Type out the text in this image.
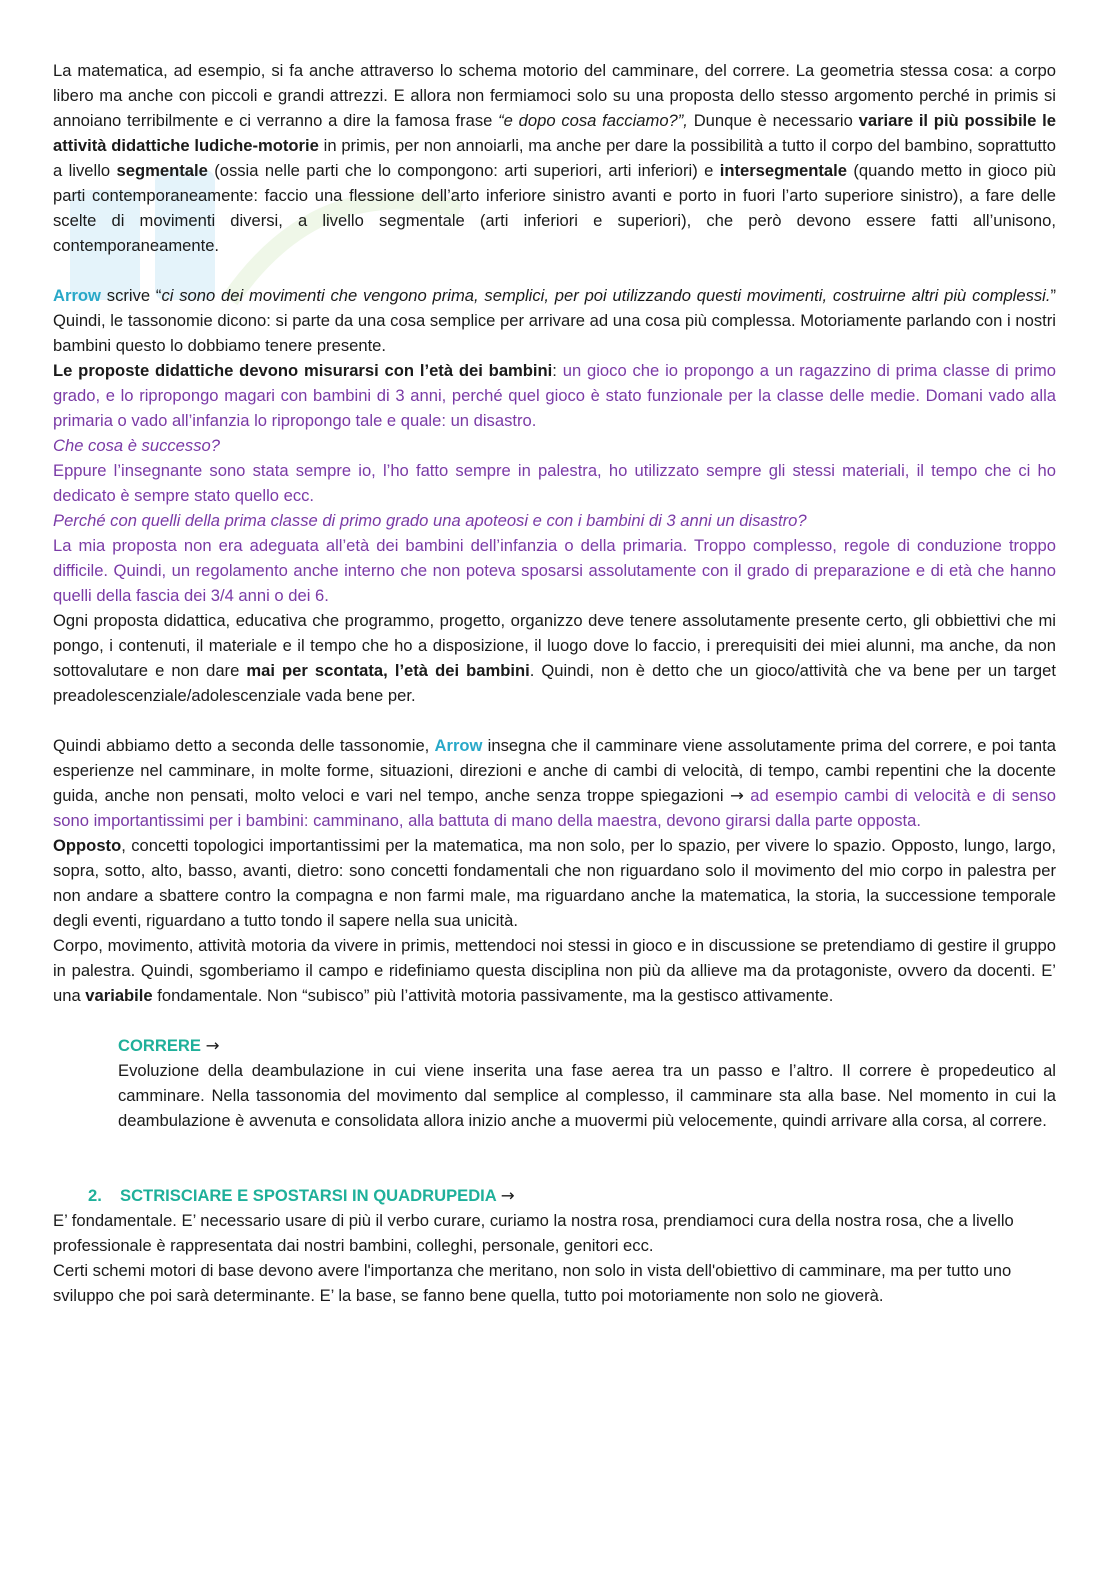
La matematica, ad esempio, si fa anche attraverso lo schema motorio del camminare, del correre. La geometria stessa cosa: a corpo libero ma anche con piccoli e grandi attrezzi. E allora non fermiamoci solo su una proposta dello stesso argomento perché in primis si annoiano terribilmente e ci verranno a dire la famosa frase “e dopo cosa facciamo?”, Dunque è necessario variare il più possibile le attività didattiche ludiche-motorie in primis, per non annoiarli, ma anche per dare la possibilità a tutto il corpo del bambino, soprattutto a livello segmentale (ossia nelle parti che lo compongono: arti superiori, arti inferiori) e intersegmentale (quando metto in gioco più parti contemporaneamente: faccio una flessione dell’arto inferiore sinistro avanti e porto in fuori l’arto superiore sinistro), a fare delle scelte di movimenti diversi, a livello segmentale (arti inferiori e superiori), che però devono essere fatti all’unisono, contemporaneamente.

Arrow scrive “ci sono dei movimenti che vengono prima, semplici, per poi utilizzando questi movimenti, costruirne altri più complessi.” Quindi, le tassonomie dicono: si parte da una cosa semplice per arrivare ad una cosa più complessa. Motoriamente parlando con i nostri bambini questo lo dobbiamo tenere presente.

Le proposte didattiche devono misurarsi con l’età dei bambini: un gioco che io propongo a un ragazzino di prima classe di primo grado, e lo ripropongo magari con bambini di 3 anni, perché quel gioco è stato funzionale per la classe delle medie. Domani vado alla primaria o vado all’infanzia lo ripropongo tale e quale: un disastro.

Che cosa è successo?

Eppure l’insegnante sono stata sempre io, l’ho fatto sempre in palestra, ho utilizzato sempre gli stessi materiali, il tempo che ci ho dedicato è sempre stato quello ecc.

Perché con quelli della prima classe di primo grado una apoteosi e con i bambini di 3 anni un disastro?

La mia proposta non era adeguata all’età dei bambini dell’infanzia o della primaria. Troppo complesso, regole di conduzione troppo difficile. Quindi, un regolamento anche interno che non poteva sposarsi assolutamente con il grado di preparazione e di età che hanno quelli della fascia dei 3/4 anni o dei 6.

Ogni proposta didattica, educativa che programmo, progetto, organizzo deve tenere assolutamente presente certo, gli obbiettivi che mi pongo, i contenuti, il materiale e il tempo che ho a disposizione, il luogo dove lo faccio, i prerequisiti dei miei alunni, ma anche, da non sottovalutare e non dare mai per scontata, l’età dei bambini. Quindi, non è detto che un gioco/attività che va bene per un target preadolescenziale/adolescenziale vada bene per.

Quindi abbiamo detto a seconda delle tassonomie, Arrow insegna che il camminare viene assolutamente prima del correre, e poi tanta esperienze nel camminare, in molte forme, situazioni, direzioni e anche di cambi di velocità, di tempo, cambi repentini che la docente guida, anche non pensati, molto veloci e vari nel tempo, anche senza troppe spiegazioni → ad esempio cambi di velocità e di senso sono importantissimi per i bambini: camminano, alla battuta di mano della maestra, devono girarsi dalla parte opposta.

Opposto, concetti topologici importantissimi per la matematica, ma non solo, per lo spazio, per vivere lo spazio. Opposto, lungo, largo, sopra, sotto, alto, basso, avanti, dietro: sono concetti fondamentali che non riguardano solo il movimento del mio corpo in palestra per non andare a sbattere contro la compagna e non farmi male, ma riguardano anche la matematica, la storia, la successione temporale degli eventi, riguardano a tutto tondo il sapere nella sua unicità.

Corpo, movimento, attività motoria da vivere in primis, mettendoci noi stessi in gioco e in discussione se pretendiamo di gestire il gruppo in palestra. Quindi, sgomberiamo il campo e ridefiniamo questa disciplina non più da allieve ma da protagoniste, ovvero da docenti. E’ una variabile fondamentale. Non “subisco” più l’attività motoria passivamente, ma la gestisco attivamente.

CORRERE →

Evoluzione della deambulazione in cui viene inserita una fase aerea tra un passo e l’altro. Il correre è propedeutico al camminare. Nella tassonomia del movimento dal semplice al complesso, il camminare sta alla base. Nel momento in cui la deambulazione è avvenuta e consolidata allora inizio anche a muovermi più velocemente, quindi arrivare alla corsa, al correre.

2. SCTRISCIARE E SPOSTARSI IN QUADRUPEDIA →

E’ fondamentale. E’ necessario usare di più il verbo curare, curiamo la nostra rosa, prendiamoci cura della nostra rosa, che a livello professionale è rappresentata dai nostri bambini, colleghi, personale, genitori ecc.

Certi schemi motori di base devono avere l'importanza che meritano, non solo in vista dell'obiettivo di camminare, ma per tutto uno sviluppo che poi sarà determinante. E’ la base, se fanno bene quella, tutto poi motoriamente non solo ne gioverà.
